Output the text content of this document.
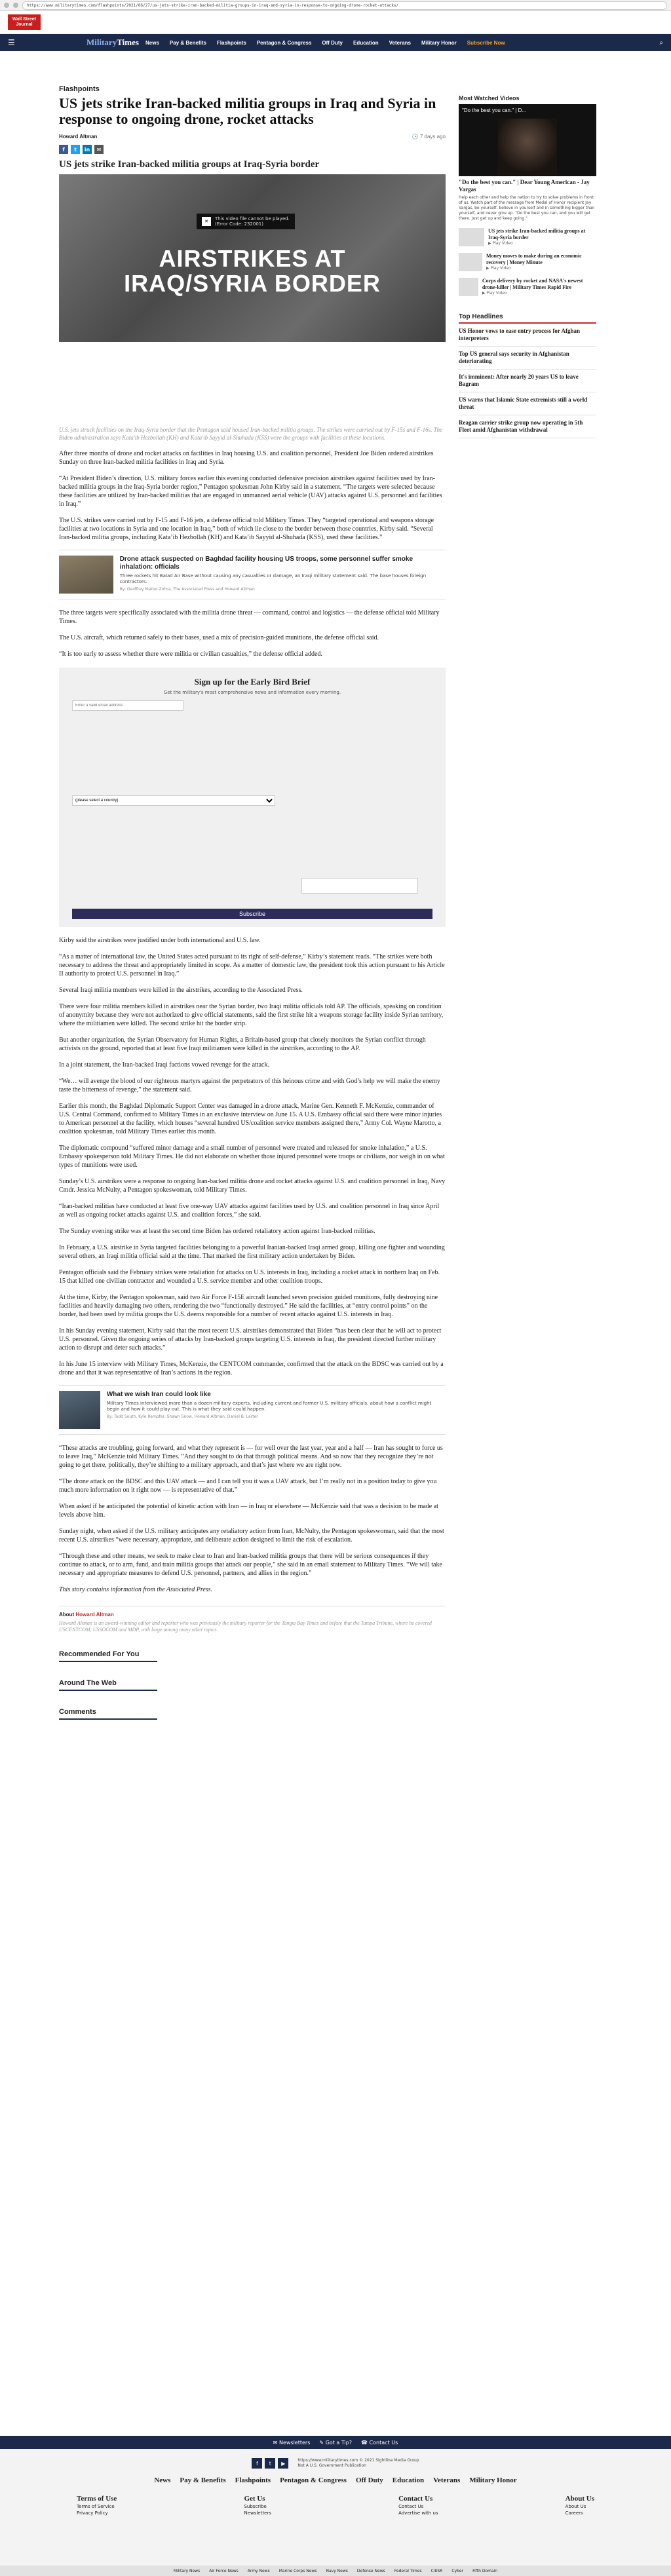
https://www.militarytimes.com/flashpoints/2021/06/27/us-jets-strike-iran-backed-militia-groups-in-iraq-and-syria-in-response-to-ongoing-drone-rocket-attacks/
Wall Street Journal
☰	MilitaryTimes News Pay & Benefits Flashpoints Pentagon & Congress Off Duty Education Veterans Military Honor Subscribe Now	⌕
Flashpoints
US jets strike Iran-backed militia groups in Iraq and Syria in response to ongoing drone, rocket attacks
Howard Altman	🕒 7 days ago
f	t	in	✉
US jets strike Iran-backed militia groups at Iraq-Syria border
✕	This video file cannot be played.
(Error Code: 232001)
AIRSTRIKES AT
IRAQ/SYRIA BORDER
U.S. jets struck facilities on the Iraq-Syria border that the Pentagon said housed Iran-backed militia groups. The strikes were carried out by F-15s and F-16s. The Biden administration says Kata'ib Hezbollah (KH) and Kata'ib Sayyid al-Shuhada (KSS) were the groups with facilities at these locations.

After three months of drone and rocket attacks on facilities in Iraq housing U.S. and coalition personnel, President Joe Biden ordered airstrikes Sunday on three Iran-backed militia facilities in Iraq and Syria.

“At President Biden’s direction, U.S. military forces earlier this evening conducted defensive precision airstrikes against facilities used by Iran-backed militia groups in the Iraq-Syria border region,” Pentagon spokesman John Kirby said in a statement. “The targets were selected because these facilities are utilized by Iran-backed militias that are engaged in unmanned aerial vehicle (UAV) attacks against U.S. personnel and facilities in Iraq.”

The U.S. strikes were carried out by F-15 and F-16 jets, a defense official told Military Times. They “targeted operational and weapons storage facilities at two locations in Syria and one location in Iraq,” both of which lie close to the border between those countries, Kirby said. “Several Iran-backed militia groups, including Kata’ib Hezbollah (KH) and Kata’ib Sayyid al-Shuhada (KSS), used these facilities.”

Drone attack suspected on Baghdad facility housing US troops, some personnel suffer smoke inhalation: officials
Three rockets hit Balad Air Base without causing any casualties or damage, an Iraqi military statement said. The base houses foreign contractors.
By: Geoffrey Mattei-Zohra, The Associated Press and Howard Altman

The three targets were specifically associated with the militia drone threat — command, control and logistics — the defense official told Military Times.

The U.S. aircraft, which returned safely to their bases, used a mix of precision-guided munitions, the defense official said.

“It is too early to assess whether there were militia or civilian casualties,” the defense official added.

Sign up for the Early Bird Brief
Get the military's most comprehensive news and information every morning.
Enter a valid email address
(please select a country)
Subscribe

Kirby said the airstrikes were justified under both international and U.S. law.

“As a matter of international law, the United States acted pursuant to its right of self-defense,” Kirby’s statement reads. “The strikes were both necessary to address the threat and appropriately limited in scope. As a matter of domestic law, the president took this action pursuant to his Article II authority to protect U.S. personnel in Iraq.”

Several Iraqi militia members were killed in the airstrikes, according to the Associated Press.

There were four militia members killed in airstrikes near the Syrian border, two Iraqi militia officials told AP. The officials, speaking on condition of anonymity because they were not authorized to give official statements, said the first strike hit a weapons storage facility inside Syrian territory, where the militiamen were killed. The second strike hit the border strip.

But another organization, the Syrian Observatory for Human Rights, a Britain-based group that closely monitors the Syrian conflict through activists on the ground, reported that at least five Iraqi militiamen were killed in the airstrikes, according to the AP.

In a joint statement, the Iran-backed Iraqi factions vowed revenge for the attack.

“We… will avenge the blood of our righteous martyrs against the perpetrators of this heinous crime and with God’s help we will make the enemy taste the bitterness of revenge,” the statement said.

Earlier this month, the Baghdad Diplomatic Support Center was damaged in a drone attack, Marine Gen. Kenneth F. McKenzie, commander of U.S. Central Command, confirmed to Military Times in an exclusive interview on June 15. A U.S. Embassy official said there were minor injuries to American personnel at the facility, which houses “several hundred US/coalition service members assigned there,” Army Col. Wayne Marotto, a coalition spokesman, told Military Times earlier this month.

The diplomatic compound “suffered minor damage and a small number of personnel were treated and released for smoke inhalation,” a U.S. Embassy spokesperson told Military Times. He did not elaborate on whether those injured personnel were troops or civilians, nor weigh in on what types of munitions were used.

Sunday’s U.S. airstrikes were a response to ongoing Iran-backed militia drone and rocket attacks against U.S. and coalition personnel in Iraq, Navy Cmdr. Jessica McNulty, a Pentagon spokeswoman, told Military Times.

“Iran-backed militias have conducted at least five one-way UAV attacks against facilities used by U.S. and coalition personnel in Iraq since April as well as ongoing rocket attacks against U.S. and coalition forces,” she said.

The Sunday evening strike was at least the second time Biden has ordered retaliatory action against Iran-backed militias.

In February, a U.S. airstrike in Syria targeted facilities belonging to a powerful Iranian-backed Iraqi armed group, killing one fighter and wounding several others, an Iraqi militia official said at the time. That marked the first military action undertaken by Biden.

Pentagon officials said the February strikes were retaliation for attacks on U.S. interests in Iraq, including a rocket attack in northern Iraq on Feb. 15 that killed one civilian contractor and wounded a U.S. service member and other coalition troops.

At the time, Kirby, the Pentagon spokesman, said two Air Force F-15E aircraft launched seven precision guided munitions, fully destroying nine facilities and heavily damaging two others, rendering the two “functionally destroyed.” He said the facilities, at “entry control points” on the border, had been used by militia groups the U.S. deems responsible for a number of recent attacks against U.S. interests in Iraq.

In his Sunday evening statement, Kirby said that the most recent U.S. airstrikes demonstrated that Biden “has been clear that he will act to protect U.S. personnel. Given the ongoing series of attacks by Iran-backed groups targeting U.S. interests in Iraq, the president directed further military action to disrupt and deter such attacks.”

In his June 15 interview with Military Times, McKenzie, the CENTCOM commander, confirmed that the attack on the BDSC was carried out by a drone and that it was representative of Iran’s actions in the region.

What we wish Iran could look like
Military Times interviewed more than a dozen military experts, including current and former U.S. military officials, about how a conflict might begin and how it could play out. This is what they said could happen.
By: Todd South, Kyle Rempfer, Shawn Snow, Howard Altman, Daniel B. Larter

“These attacks are troubling, going forward, and what they represent is — for well over the last year, year and a half — Iran has sought to force us to leave Iraq,” McKenzie told Military Times. “And they sought to do that through political means. And so now that they recognize they’re not going to get there, politically, they’re shifting to a military approach, and that’s just where we are right now.

“The drone attack on the BDSC and this UAV attack — and I can tell you it was a UAV attack, but I’m really not in a position today to give you much more information on it right now — is representative of that.”

When asked if he anticipated the potential of kinetic action with Iran — in Iraq or elsewhere — McKenzie said that was a decision to be made at levels above him.

Sunday night, when asked if the U.S. military anticipates any retaliatory action from Iran, McNulty, the Pentagon spokeswoman, said that the most recent U.S. airstrikes “were necessary, appropriate, and deliberate action designed to limit the risk of escalation.

“Through these and other means, we seek to make clear to Iran and Iran-backed militia groups that there will be serious consequences if they continue to attack, or to arm, fund, and train militia groups that attack our people,” she said in an email statement to Military Times. “We will take necessary and appropriate measures to defend U.S. personnel, partners, and allies in the region.”

This story contains information from the Associated Press.

About Howard Altman
Howard Altman is an award-winning editor and reporter who was previously the military reporter for the Tampa Bay Times and before that the Tampa Tribune, where he covered USCENTCOM, USSOCOM and MDP, with large among many other topics.
Recommended For You
Around The Web
Comments
Most Watched Videos
"Do the best you can." | D...
"Do the best you can." | Dear Young American - Jay Vargas
Help each other and help the nation to try to solve problems in front of us. Watch part of the message from Medal of Honor recipient Jay Vargas, be yourself, believe in yourself and in something bigger than yourself, and never give up. "Do the best you can, and you will get there. Just get up and keep going."
US jets strike Iran-backed militia groups at Iraq-Syria border
▶ Play Video
Money moves to make during an economic recovery | Money Minute
▶ Play Video
Corps delivery by rocket and NASA's newest drone-killer | Military Times Rapid Fire
▶ Play Video
Top Headlines
US Honor vows to ease entry process for Afghan interpreters
Top US general says security in Afghanistan deteriorating
It's imminent: After nearly 20 years US to leave Bagram
US warns that Islamic State extremists still a world threat
Reagan carrier strike group now operating in 5th Fleet amid Afghanistan withdrawal
✉ Newsletters ✎ Got a Tip? ☎ Contact Us
f	t	▶	https://www.militarytimes.com © 2021 Sightline Media Group
Not A U.S. Government Publication
News Pay & Benefits Flashpoints Pentagon & Congress Off Duty Education Veterans Military Honor
Terms of Use
Terms of Service
Privacy Policy
Get Us
Subscribe
Newsletters
Contact Us
Contact Us
Advertise with us
About Us
About Us
Careers
Military News Air Force News Army News Marine Corps News Navy News Defense News Federal Times C4ISR Cyber Fifth Domain
